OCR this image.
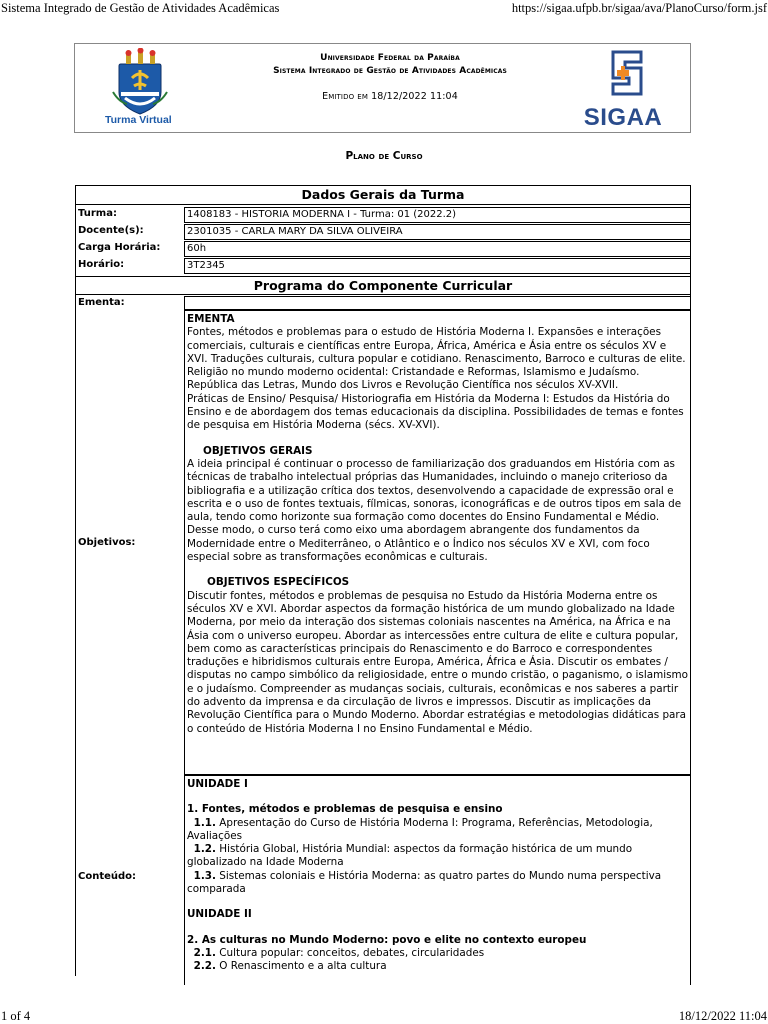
Sistema Integrado de Gestão de Atividades Acadêmicas	https://sigaa.ufpb.br/sigaa/ava/PlanoCurso/form.jsf
Turma Virtual
Universidade Federal da Paraíba
Sistema Integrado de Gestão de Atividades Acadêmicas
Emitido em 18/12/2022 11:04
SIGAA
Plano de Curso
Dados Gerais da Turma
Turma:	1408183 - HISTORIA MODERNA I - Turma: 01 (2022.2)
Docente(s):	2301035 - CARLA MARY DA SILVA OLIVEIRA
Carga Horária:	60h
Horário:	3T2345
Programa do Componente Curricular
Ementa:
Objetivos:

EMENTA

Fontes, métodos e problemas para o estudo de História Moderna I. Expansões e interações comerciais, culturais e científicas entre Europa, África, América e Ásia entre os séculos XV e XVI. Traduções culturais, cultura popular e cotidiano. Renascimento, Barroco e culturas de elite. Religião no mundo moderno ocidental: Cristandade e Reformas, Islamismo e Judaísmo. República das Letras, Mundo dos Livros e Revolução Científica nos séculos XV-XVII.

Práticas de Ensino/ Pesquisa/ Historiografia em História da Moderna I: Estudos da História do Ensino e de abordagem dos temas educacionais da disciplina. Possibilidades de temas e fontes de pesquisa em História Moderna (sécs. XV-XVI).

OBJETIVOS GERAIS

A ideia principal é continuar o processo de familiarização dos graduandos em História com as técnicas de trabalho intelectual próprias das Humanidades, incluindo o manejo criterioso da bibliografia e a utilização crítica dos textos, desenvolvendo a capacidade de expressão oral e escrita e o uso de fontes textuais, fílmicas, sonoras, iconográficas e de outros tipos em sala de aula, tendo como horizonte sua formação como docentes do Ensino Fundamental e Médio. Desse modo, o curso terá como eixo uma abordagem abrangente dos fundamentos da Modernidade entre o Mediterrâneo, o Atlântico e o Índico nos séculos XV e XVI, com foco especial sobre as transformações econômicas e culturais.

OBJETIVOS ESPECÍFICOS

Discutir fontes, métodos e problemas de pesquisa no Estudo da História Moderna entre os séculos XV e XVI. Abordar aspectos da formação histórica de um mundo globalizado na Idade Moderna, por meio da interação dos sistemas coloniais nascentes na América, na África e na Ásia com o universo europeu. Abordar as intercessões entre cultura de elite e cultura popular, bem como as características principais do Renascimento e do Barroco e correspondentes traduções e hibridismos culturais entre Europa, América, África e Ásia. Discutir os embates / disputas no campo simbólico da religiosidade, entre o mundo cristão, o paganismo, o islamismo e o judaísmo. Compreender as mudanças sociais, culturais, econômicas e nos saberes a partir do advento da imprensa e da circulação de livros e impressos. Discutir as implicações da Revolução Científica para o Mundo Moderno. Abordar estratégias e metodologias didáticas para o conteúdo de História Moderna I no Ensino Fundamental e Médio.

Conteúdo:

UNIDADE I

1. Fontes, métodos e problemas de pesquisa e ensino

1.1. Apresentação do Curso de História Moderna I: Programa, Referências, Metodologia, Avaliações

1.2. História Global, História Mundial: aspectos da formação histórica de um mundo globalizado na Idade Moderna

1.3. Sistemas coloniais e História Moderna: as quatro partes do Mundo numa perspectiva comparada

UNIDADE II

2. As culturas no Mundo Moderno: povo e elite no contexto europeu

2.1. Cultura popular: conceitos, debates, circularidades

2.2. O Renascimento e a alta cultura

1 of 4	18/12/2022 11:04
